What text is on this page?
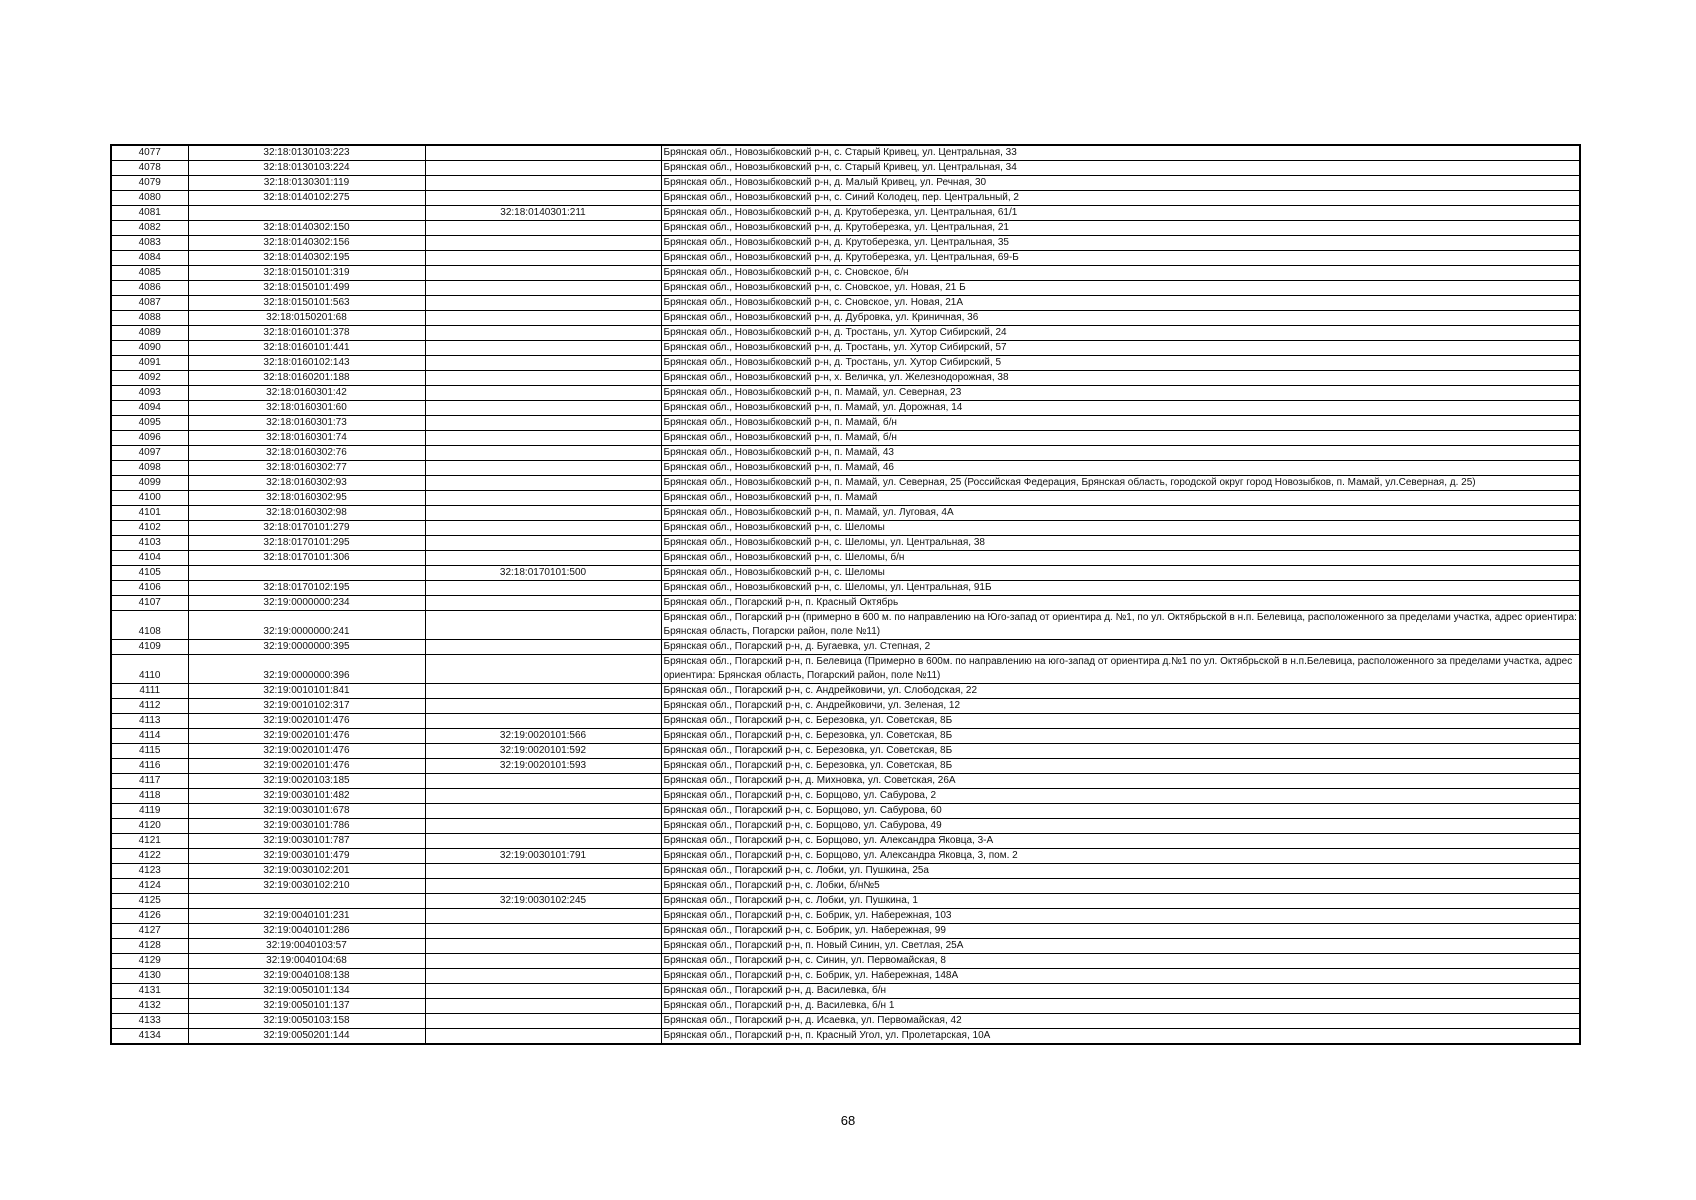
4077	32:18:0130103:223		Брянская обл., Новозыбковский р-н, с. Старый Кривец, ул. Центральная, 33
4078	32:18:0130103:224		Брянская обл., Новозыбковский р-н, с. Старый Кривец, ул. Центральная, 34
4079	32:18:0130301:119		Брянская обл., Новозыбковский р-н, д. Малый Кривец, ул. Речная, 30
4080	32:18:0140102:275		Брянская обл., Новозыбковский р-н, с. Синий Колодец, пер. Центральный, 2
4081		32:18:0140301:211	Брянская обл., Новозыбковский р-н, д. Крутоберезка, ул. Центральная, 61/1
4082	32:18:0140302:150		Брянская обл., Новозыбковский р-н, д. Крутоберезка, ул. Центральная, 21
4083	32:18:0140302:156		Брянская обл., Новозыбковский р-н, д. Крутоберезка, ул. Центральная, 35
4084	32:18:0140302:195		Брянская обл., Новозыбковский р-н, д. Крутоберезка, ул. Центральная, 69-Б
4085	32:18:0150101:319		Брянская обл., Новозыбковский р-н, с. Сновское, б/н
4086	32:18:0150101:499		Брянская обл., Новозыбковский р-н, с. Сновское, ул. Новая, 21 Б
4087	32:18:0150101:563		Брянская обл., Новозыбковский р-н, с. Сновское, ул. Новая, 21А
4088	32:18:0150201:68		Брянская обл., Новозыбковский р-н, д. Дубровка, ул. Криничная, 36
4089	32:18:0160101:378		Брянская обл., Новозыбковский р-н, д. Тростань, ул. Хутор Сибирский, 24
4090	32:18:0160101:441		Брянская обл., Новозыбковский р-н, д. Тростань, ул. Хутор Сибирский, 57
4091	32:18:0160102:143		Брянская обл., Новозыбковский р-н, д. Тростань, ул. Хутор Сибирский, 5
4092	32:18:0160201:188		Брянская обл., Новозыбковский р-н, х. Величка, ул. Железнодорожная, 38
4093	32:18:0160301:42		Брянская обл., Новозыбковский р-н, п. Мамай, ул. Северная, 23
4094	32:18:0160301:60		Брянская обл., Новозыбковский р-н, п. Мамай, ул. Дорожная, 14
4095	32:18:0160301:73		Брянская обл., Новозыбковский р-н, п. Мамай, б/н
4096	32:18:0160301:74		Брянская обл., Новозыбковский р-н, п. Мамай, б/н
4097	32:18:0160302:76		Брянская обл., Новозыбковский р-н, п. Мамай, 43
4098	32:18:0160302:77		Брянская обл., Новозыбковский р-н, п. Мамай, 46
4099	32:18:0160302:93		Брянская обл., Новозыбковский р-н, п. Мамай, ул. Северная, 25 (Российская Федерация, Брянская область, городской округ город Новозыбков, п. Мамай, ул.Северная, д. 25)
4100	32:18:0160302:95		Брянская обл., Новозыбковский р-н, п. Мамай
4101	32:18:0160302:98		Брянская обл., Новозыбковский р-н, п. Мамай, ул. Луговая, 4А
4102	32:18:0170101:279		Брянская обл., Новозыбковский р-н, с. Шеломы
4103	32:18:0170101:295		Брянская обл., Новозыбковский р-н, с. Шеломы, ул. Центральная, 38
4104	32:18:0170101:306		Брянская обл., Новозыбковский р-н, с. Шеломы, б/н
4105		32:18:0170101:500	Брянская обл., Новозыбковский р-н, с. Шеломы
4106	32:18:0170102:195		Брянская обл., Новозыбковский р-н, с. Шеломы, ул. Центральная, 91Б
4107	32:19:0000000:234		Брянская обл., Погарский р-н, п. Красный Октябрь
4108	32:19:0000000:241		Брянская обл., Погарский р-н (примерно в 600 м. по направлению на Юго-запад от ориентира д. №1, по ул. Октябрьской в н.п. Белевица, расположенного за пределами участка, адрес ориентира: Брянская область, Погарски район, поле №11)
4109	32:19:0000000:395		Брянская обл., Погарский р-н, д. Бугаевка, ул. Степная, 2
4110	32:19:0000000:396		Брянская обл., Погарский р-н, п. Белевица (Примерно в 600м. по направлению на юго-запад от ориентира д.№1 по ул. Октябрьской в н.п.Белевица, расположенного за пределами участка, адрес ориентира: Брянская область, Погарский район, поле №11)
4111	32:19:0010101:841		Брянская обл., Погарский р-н, с. Андрейковичи, ул. Слободская, 22
4112	32:19:0010102:317		Брянская обл., Погарский р-н, с. Андрейковичи, ул. Зеленая, 12
4113	32:19:0020101:476		Брянская обл., Погарский р-н, с. Березовка, ул. Советская, 8Б
4114	32:19:0020101:476	32:19:0020101:566	Брянская обл., Погарский р-н, с. Березовка, ул. Советская, 8Б
4115	32:19:0020101:476	32:19:0020101:592	Брянская обл., Погарский р-н, с. Березовка, ул. Советская, 8Б
4116	32:19:0020101:476	32:19:0020101:593	Брянская обл., Погарский р-н, с. Березовка, ул. Советская, 8Б
4117	32:19:0020103:185		Брянская обл., Погарский р-н, д. Михновка, ул. Советская, 26А
4118	32:19:0030101:482		Брянская обл., Погарский р-н, с. Борщово, ул. Сабурова, 2
4119	32:19:0030101:678		Брянская обл., Погарский р-н, с. Борщово, ул. Сабурова, 60
4120	32:19:0030101:786		Брянская обл., Погарский р-н, с. Борщово, ул. Сабурова, 49
4121	32:19:0030101:787		Брянская обл., Погарский р-н, с. Борщово, ул. Александра Яковца, 3-А
4122	32:19:0030101:479	32:19:0030101:791	Брянская обл., Погарский р-н, с. Борщово, ул. Александра Яковца, 3, пом. 2
4123	32:19:0030102:201		Брянская обл., Погарский р-н, с. Лобки, ул. Пушкина, 25а
4124	32:19:0030102:210		Брянская обл., Погарский р-н, с. Лобки, б/н№5
4125		32:19:0030102:245	Брянская обл., Погарский р-н, с. Лобки, ул. Пушкина, 1
4126	32:19:0040101:231		Брянская обл., Погарский р-н, с. Бобрик, ул. Набережная, 103
4127	32:19:0040101:286		Брянская обл., Погарский р-н, с. Бобрик, ул. Набережная, 99
4128	32:19:0040103:57		Брянская обл., Погарский р-н, п. Новый Синин, ул. Светлая, 25А
4129	32:19:0040104:68		Брянская обл., Погарский р-н, с. Синин, ул. Первомайская, 8
4130	32:19:0040108:138		Брянская обл., Погарский р-н, с. Бобрик, ул. Набережная, 148А
4131	32:19:0050101:134		Брянская обл., Погарский р-н, д. Василевка, б/н
4132	32:19:0050101:137		Брянская обл., Погарский р-н, д. Василевка, б/н 1
4133	32:19:0050103:158		Брянская обл., Погарский р-н, д. Исаевка, ул. Первомайская, 42
4134	32:19:0050201:144		Брянская обл., Погарский р-н, п. Красный Угол, ул. Пролетарская, 10А
68
